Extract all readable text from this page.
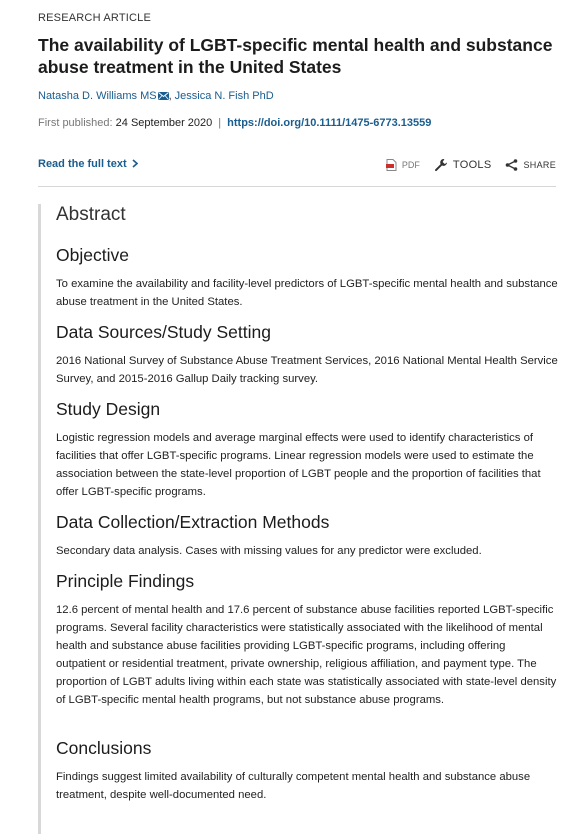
RESEARCH ARTICLE
The availability of LGBT-specific mental health and substance abuse treatment in the United States
Natasha D. Williams MS , Jessica N. Fish PhD
First published: 24 September 2020 | https://doi.org/10.1111/1475-6773.13559
Read the full text	PDF	TOOLS	SHARE
Abstract
Objective

To examine the availability and facility-level predictors of LGBT-specific mental health and substance abuse treatment in the United States.

Data Sources/Study Setting

2016 National Survey of Substance Abuse Treatment Services, 2016 National Mental Health Service Survey, and 2015-2016 Gallup Daily tracking survey.

Study Design

Logistic regression models and average marginal effects were used to identify characteristics of facilities that offer LGBT-specific programs. Linear regression models were used to estimate the association between the state-level proportion of LGBT people and the proportion of facilities that offer LGBT-specific programs.

Data Collection/Extraction Methods

Secondary data analysis. Cases with missing values for any predictor were excluded.

Principle Findings

12.6 percent of mental health and 17.6 percent of substance abuse facilities reported LGBT-specific programs. Several facility characteristics were statistically associated with the likelihood of mental health and substance abuse facilities providing LGBT-specific programs, including offering outpatient or residential treatment, private ownership, religious affiliation, and payment type. The proportion of LGBT adults living within each state was statistically associated with state-level density of LGBT-specific mental health programs, but not substance abuse programs.

Conclusions

Findings suggest limited availability of culturally competent mental health and substance abuse treatment, despite well-documented need.
